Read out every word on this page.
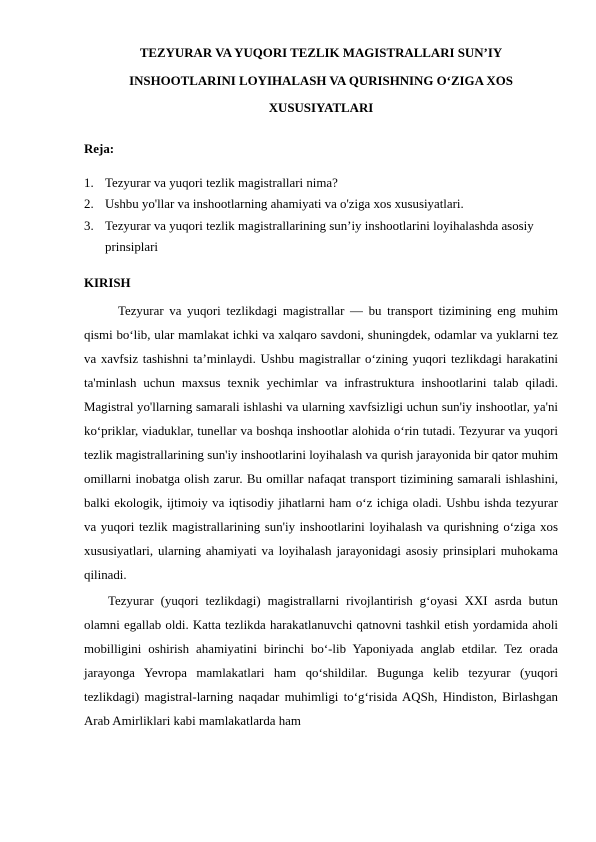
TEZYURAR VA YUQORI TEZLIK MAGISTRALLARI SUN’IY INSHOOTLARINI LOYIHALASH VA QURISHNING O‘ZIGA XOS XUSUSIYATLARI
Reja:
1. Tezyurar va yuqori tezlik magistrallari nima?
2. Ushbu yo'llar va inshootlarning ahamiyati va o'ziga xos xususiyatlari.
3. Tezyurar va yuqori tezlik magistrallarining sun’iy inshootlarini loyihalashda asosiy prinsiplari
KIRISH

Tezyurar va yuqori tezlikdagi magistrallar — bu transport tizimining eng muhim qismi bo‘lib, ular mamlakat ichki va xalqaro savdoni, shuningdek, odamlar va yuklarni tez va xavfsiz tashishni ta’minlaydi. Ushbu magistrallar o‘zining yuqori tezlikdagi harakatini ta'minlash uchun maxsus texnik yechimlar va infrastruktura inshootlarini talab qiladi. Magistral yo'llarning samarali ishlashi va ularning xavfsizligi uchun sun'iy inshootlar, ya'ni ko‘priklar, viaduklar, tunellar va boshqa inshootlar alohida o‘rin tutadi. Tezyurar va yuqori tezlik magistrallarining sun'iy inshootlarini loyihalash va qurish jarayonida bir qator muhim omillarni inobatga olish zarur. Bu omillar nafaqat transport tizimining samarali ishlashini, balki ekologik, ijtimoiy va iqtisodiy jihatlarni ham o‘z ichiga oladi. Ushbu ishda tezyurar va yuqori tezlik magistrallarining sun'iy inshootlarini loyihalash va qurishning o‘ziga xos xususiyatlari, ularning ahamiyati va loyihalash jarayonidagi asosiy prinsiplari muhokama qilinadi.

Tezyurar (yuqori tezlikdagi) magistrallarni rivojlantirish g‘oyasi XXI asrda butun olamni egallab oldi. Katta tezlikda harakatlanuvchi qatnovni tashkil etish yordamida aholi mobilligini oshirish ahamiyatini birinchi bo‘-lib Yaponiyada anglab etdilar. Tez orada jarayonga Yevropa mamlakatlari ham qo‘shildilar. Bugunga kelib tezyurar (yuqori tezlikdagi) magistral-larning naqadar muhimligi to‘g‘risida AQSh, Hindiston, Birlashgan Arab Amirliklari kabi mamlakatlarda ham
